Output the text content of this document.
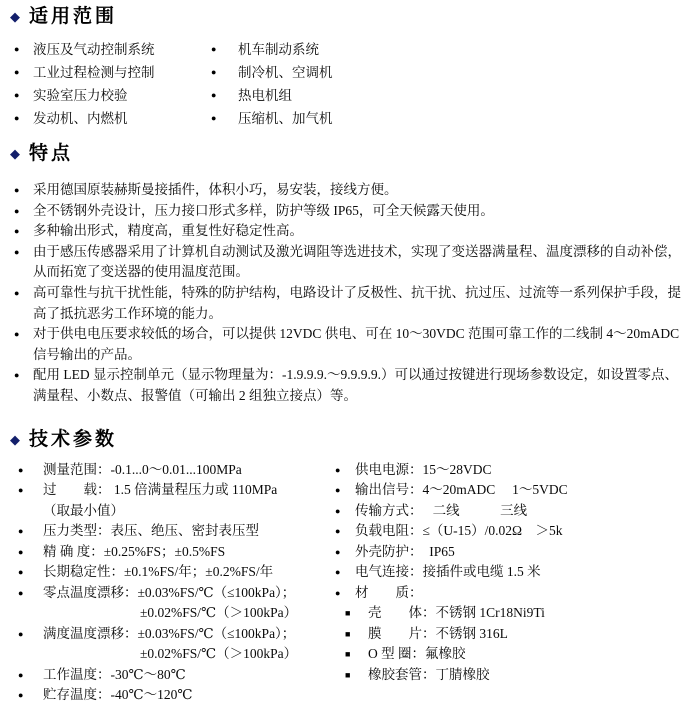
◆ 适用范围
●	液压及气动控制系统
●	工业过程检测与控制
●	实验室压力校验
●	发动机、内燃机
●	机车制动系统
●	制冷机、空调机
●	热电机组
●	压缩机、加气机
◆ 特点
●	采用德国原装赫斯曼接插件，体积小巧，易安装，接线方便。
●	全不锈钢外壳设计，压力接口形式多样，防护等级 IP65，可全天候露天使用。
●	多种输出形式，精度高，重复性好稳定性高。
●	由于感压传感器采用了计算机自动测试及激光调阻等选进技术，实现了变送器满量程、温度漂移的自动补偿，从而拓宽了变送器的使用温度范围。
●	高可靠性与抗干扰性能，特殊的防护结构，电路设计了反极性、抗干扰、抗过压、过流等一系列保护手段，提高了抵抗恶劣工作环境的能力。
●	对于供电电压要求较低的场合，可以提供 12VDC 供电、可在 10～30VDC 范围可靠工作的二线制 4～20mADC 信号输出的产品。
●	配用 LED 显示控制单元（显示物理量为：-1.9.9.9.～9.9.9.9.）可以通过按键进行现场参数设定，如设置零点、满量程、小数点、报警值（可输出 2 组独立接点）等。
◆ 技术参数
●	测量范围：-0.1...0～0.01...100MPa
●	过　　载： 1.5 倍满量程压力或 110MPa
（取最小值）
●	压力类型：表压、绝压、密封表压型
●	精 确 度：±0.25%FS；±0.5%FS
●	长期稳定性：±0.1%FS/年；±0.2%FS/年
●	零点温度漂移：±0.03%FS/℃（≤100kPa）；
±0.02%FS/℃（＞100kPa）
●	满度温度漂移：±0.03%FS/℃（≤100kPa）；
±0.02%FS/℃（＞100kPa）
●	工作温度：-30℃～80℃
●	贮存温度：-40℃～120℃
●	供电电源：15～28VDC
●	输出信号：4～20mADC　 1～5VDC
●	传输方式：　 二线　　　三线
●	负载电阻：≤（U-15）/0.02Ω　＞5k
●	外壳防护：　IP65
●	电气连接：接插件或电缆 1.5 米
●	材　　质：
■	壳　　体：不锈钢 1Cr18Ni9Ti
■	膜　　片：不锈钢 316L
■	O 型 圈：氟橡胶
■	橡胶套管：丁腈橡胶
